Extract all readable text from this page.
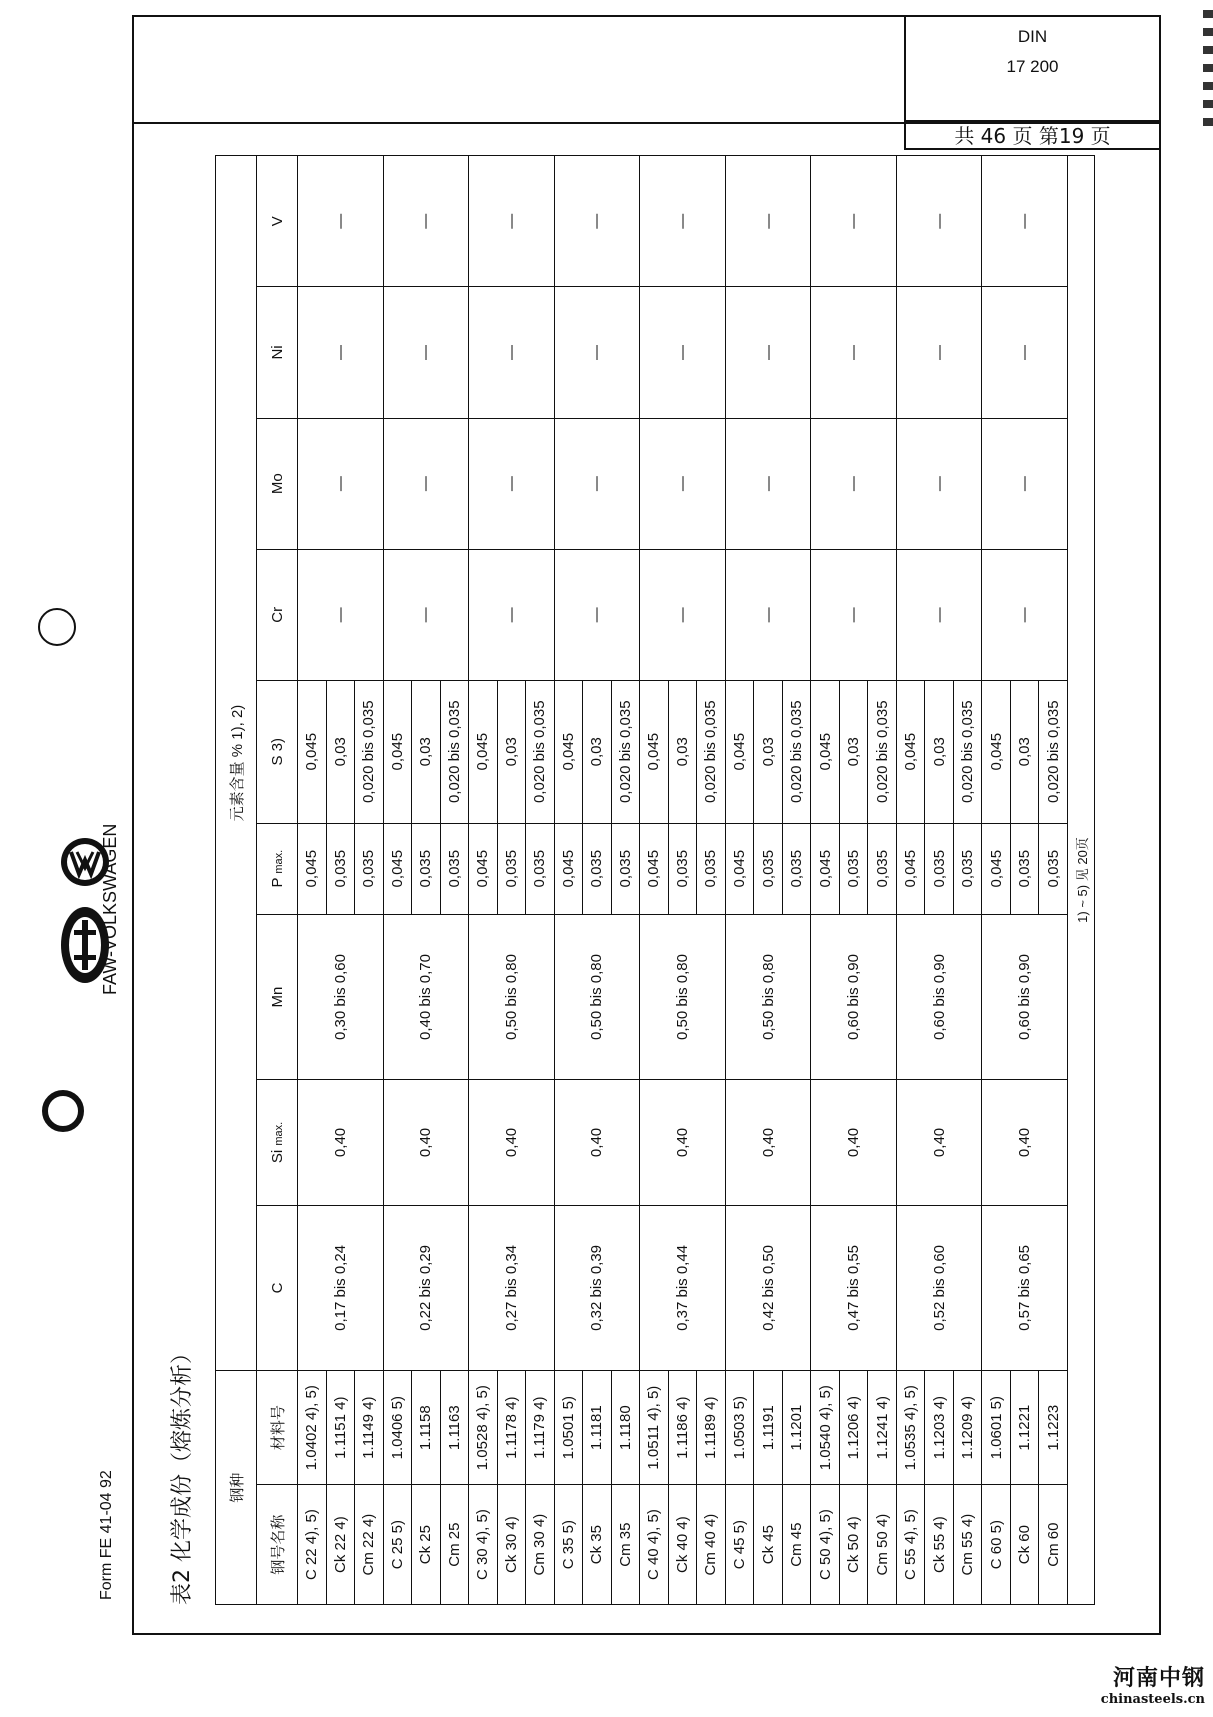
DIN
17 200
共 46 页 第19 页
FAW-VOLKSWAGEN
Form FE 41-04 92	表2 化学成份（熔炼分析） 钢种		元素含量 % 1), 2)								
钢号名称	材料号	C	Si max.	Mn	P max.	S 3)	Cr	Mo	Ni	V
C 22 4), 5)	1.0402 4), 5)	0,17 bis 0,24	0,40	0,30 bis 0,60	0,045	0,045	—	—	—	—
Ck 22 4)	1.1151 4)				0,035	0,03				
Cm 22 4)	1.1149 4)				0,035	0,020 bis 0,035				
C 25 5)	1.0406 5)	0,22 bis 0,29	0,40	0,40 bis 0,70	0,045	0,045	—	—	—	—
Ck 25	1.1158				0,035	0,03				
Cm 25	1.1163				0,035	0,020 bis 0,035				
C 30 4), 5)	1.0528 4), 5)	0,27 bis 0,34	0,40	0,50 bis 0,80	0,045	0,045	—	—	—	—
Ck 30 4)	1.1178 4)				0,035	0,03				
Cm 30 4)	1.1179 4)				0,035	0,020 bis 0,035				
C 35 5)	1.0501 5)	0,32 bis 0,39	0,40	0,50 bis 0,80	0,045	0,045	—	—	—	—
Ck 35	1.1181				0,035	0,03				
Cm 35	1.1180				0,035	0,020 bis 0,035				
C 40 4), 5)	1.0511 4), 5)	0,37 bis 0,44	0,40	0,50 bis 0,80	0,045	0,045	—	—	—	—
Ck 40 4)	1.1186 4)				0,035	0,03				
Cm 40 4)	1.1189 4)				0,035	0,020 bis 0,035				
C 45 5)	1.0503 5)	0,42 bis 0,50	0,40	0,50 bis 0,80	0,045	0,045	—	—	—	—
Ck 45	1.1191				0,035	0,03				
Cm 45	1.1201				0,035	0,020 bis 0,035				
C 50 4), 5)	1.0540 4), 5)	0,47 bis 0,55	0,40	0,60 bis 0,90	0,045	0,045	—	—	—	—
Ck 50 4)	1.1206 4)				0,035	0,03				
Cm 50 4)	1.1241 4)				0,035	0,020 bis 0,035				
C 55 4), 5)	1.0535 4), 5)	0,52 bis 0,60	0,40	0,60 bis 0,90	0,045	0,045	—	—	—	—
Ck 55 4)	1.1203 4)				0,035	0,03				
Cm 55 4)	1.1209 4)				0,035	0,020 bis 0,035				
C 60 5)	1.0601 5)	0,57 bis 0,65	0,40	0,60 bis 0,90	0,045	0,045	—	—	—	—
Ck 60	1.1221				0,035	0,03				
Cm 60	1.1223				0,035	0,020 bis 0,035				
1) ~ 5) 见 20页										
河南中钢
chinasteels.cn
